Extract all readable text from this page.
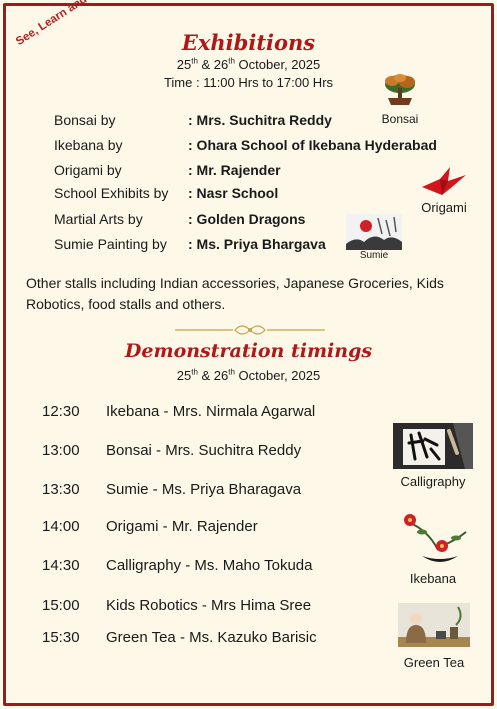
Exhibitions
25th & 26th October, 2025
Time : 11:00 Hrs to 17:00 Hrs
Bonsai by	: Mrs. Suchitra Reddy
Ikebana by	: Ohara School of Ikebana Hyderabad
Origami by	: Mr. Rajender
School Exhibits by : Nasr School
Martial Arts by	: Golden Dragons
Sumie Painting by : Ms. Priya Bhargava
Bonsai
Origami
Sumie
Other stalls including Indian accessories, Japanese Groceries, Kids Robotics, food stalls and others.
Demonstration timings
25th & 26th October, 2025
12:30 Ikebana - Mrs. Nirmala Agarwal
13:00 Bonsai - Mrs. Suchitra Reddy
13:30 Sumie - Ms. Priya Bharagava
14:00 Origami - Mr. Rajender
14:30 Calligraphy - Ms. Maho Tokuda
15:00 Kids Robotics - Mrs Hima Sree
15:30 Green Tea - Ms. Kazuko Barisic
Calligraphy
Ikebana
Green Tea
